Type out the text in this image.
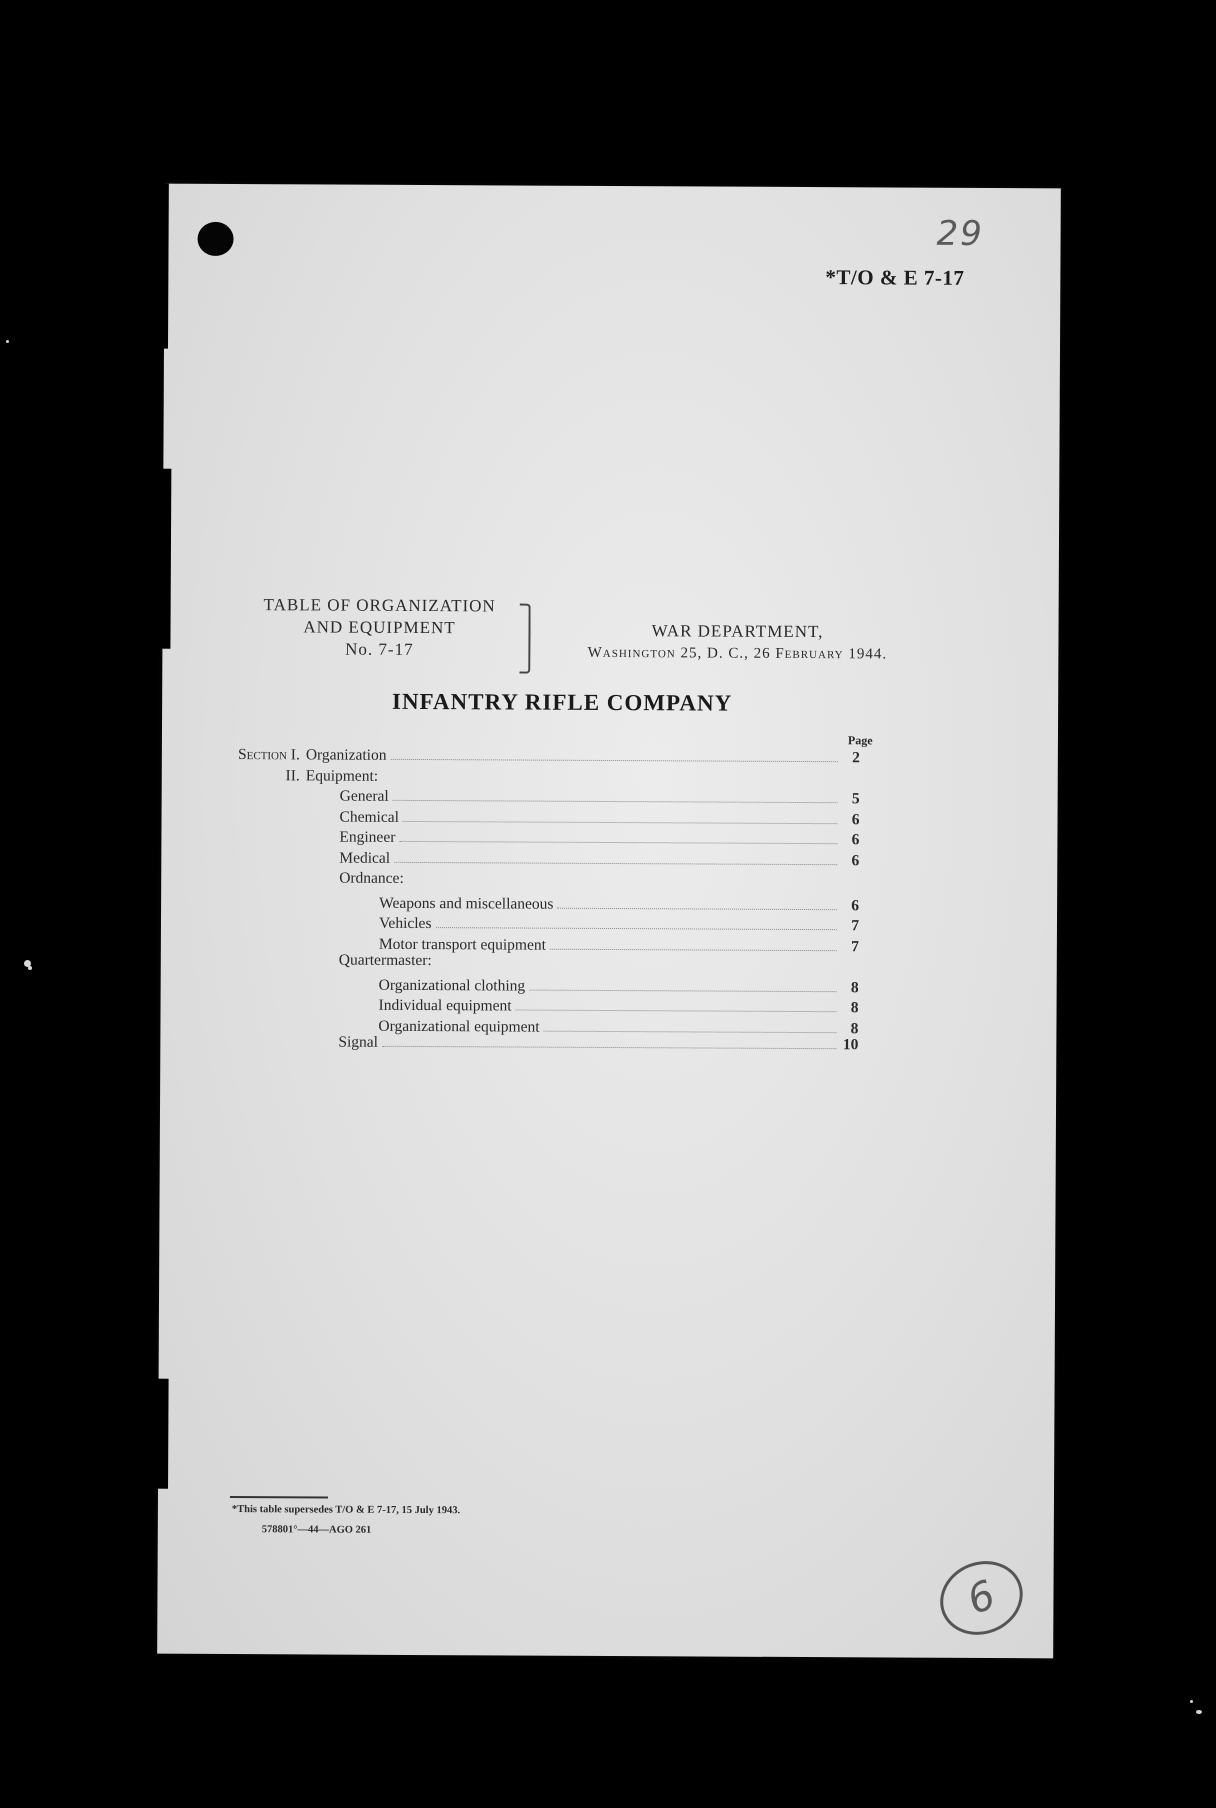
29
*T/O & E 7-17
TABLE OF ORGANIZATION
AND EQUIPMENT
No. 7-17
WAR DEPARTMENT,
Washington 25, D. C., 26 February 1944.
INFANTRY RIFLE COMPANY
Page
Section I. Organization	2
II. Equipment:
General	5
Chemical	6
Engineer	6
Medical	6
Ordnance:
Weapons and miscellaneous	6
Vehicles	7
Motor transport equipment	7
Quartermaster:
Organizational clothing	8
Individual equipment	8
Organizational equipment	8
Signal	10
*This table supersedes T/O & E 7-17, 15 July 1943.
578801°—44—AGO 261
6
